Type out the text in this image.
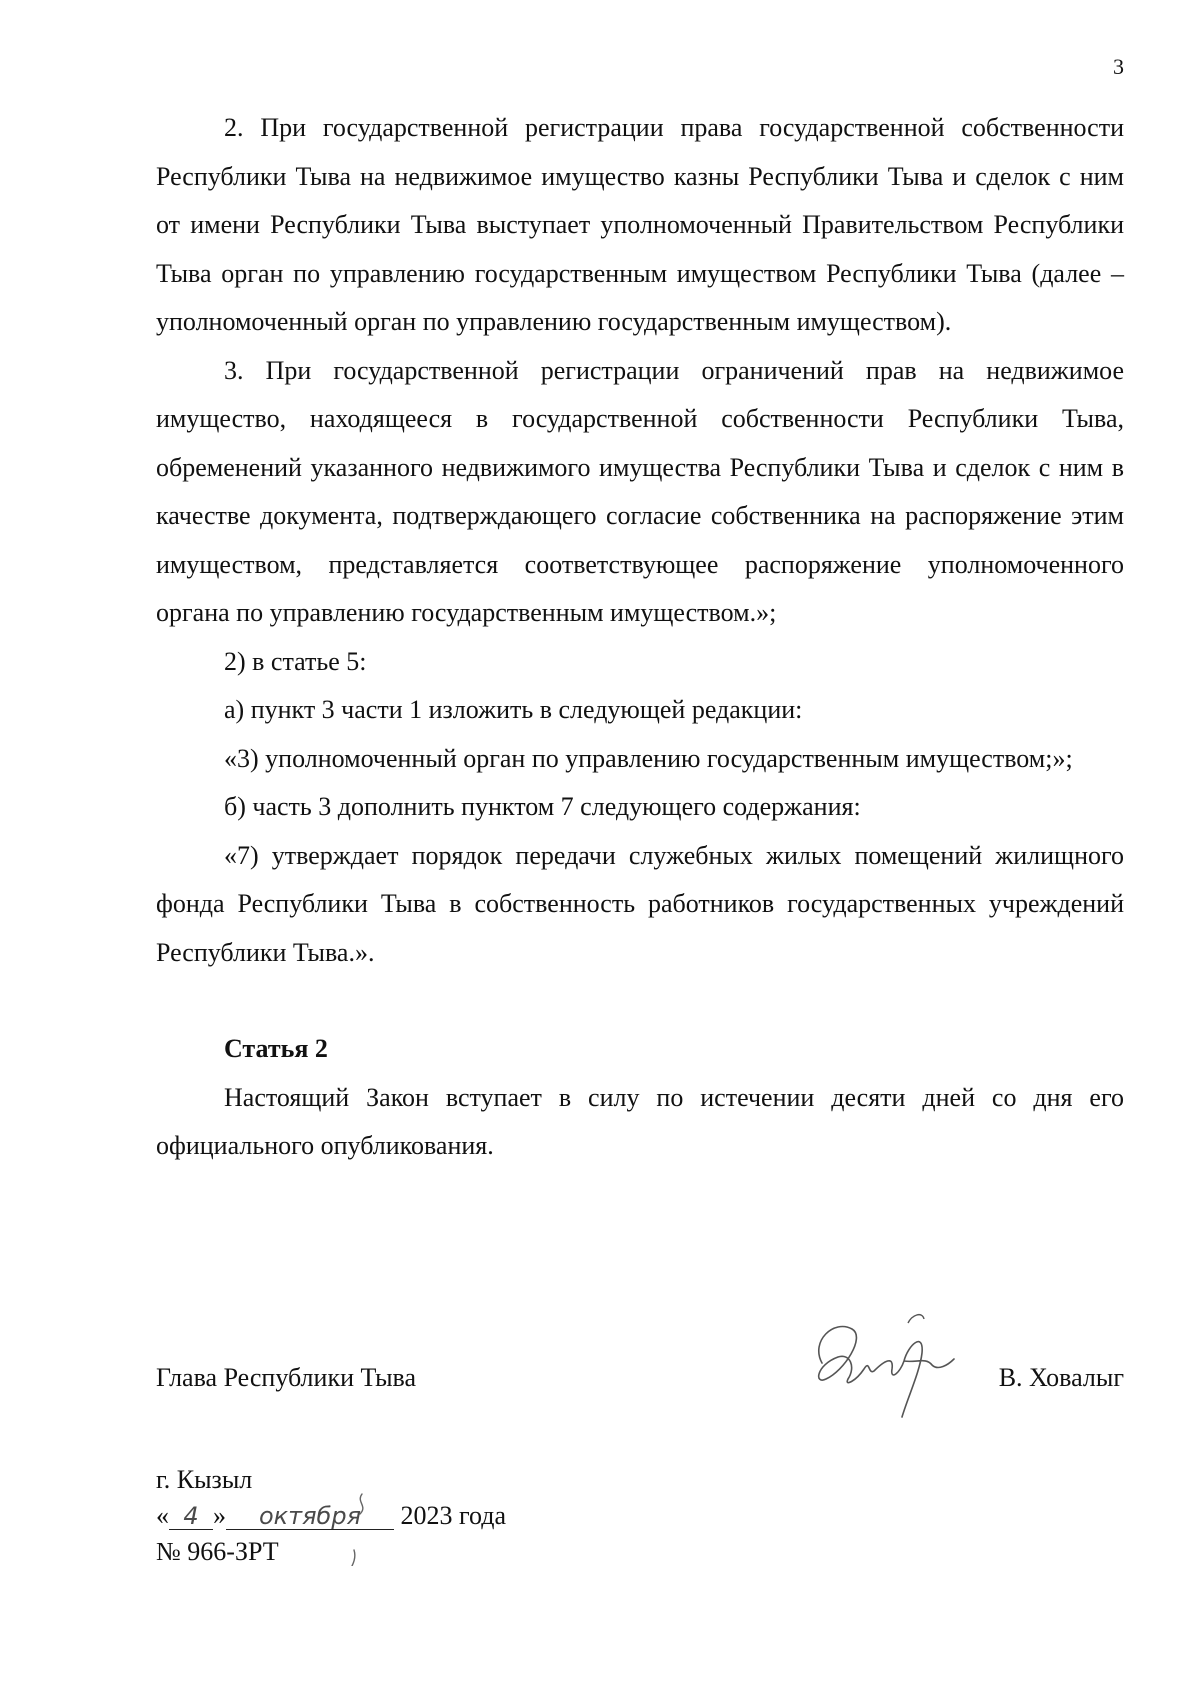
3

2. При государственной регистрации права государственной собственности Республики Тыва на недвижимое имущество казны Республики Тыва и сделок с ним от имени Республики Тыва выступает уполномоченный Правительством Республики Тыва орган по управлению государственным имуществом Республики Тыва (далее – уполномоченный орган по управлению государственным имуществом).

3. При государственной регистрации ограничений прав на недвижимое имущество, находящееся в государственной собственности Республики Тыва, обременений указанного недвижимого имущества Республики Тыва и сделок с ним в качестве документа, подтверждающего согласие собственника на распоряжение этим имуществом, представляется соответствующее распоряжение уполномоченного органа по управлению государственным имуществом.»;

2) в статье 5:

а) пункт 3 части 1 изложить в следующей редакции:

«3) уполномоченный орган по управлению государственным имуществом;»;

б) часть 3 дополнить пунктом 7 следующего содержания:

«7) утверждает порядок передачи служебных жилых помещений жилищного фонда Республики Тыва в собственность работников государственных учреждений Республики Тыва.».

Статья 2

Настоящий Закон вступает в силу по истечении десяти дней со дня его официального опубликования.

Глава Республики Тыва	В. Ховалыг
г. Кызыл
« 4 » октября 2023 года
№ 966-ЗРТ
